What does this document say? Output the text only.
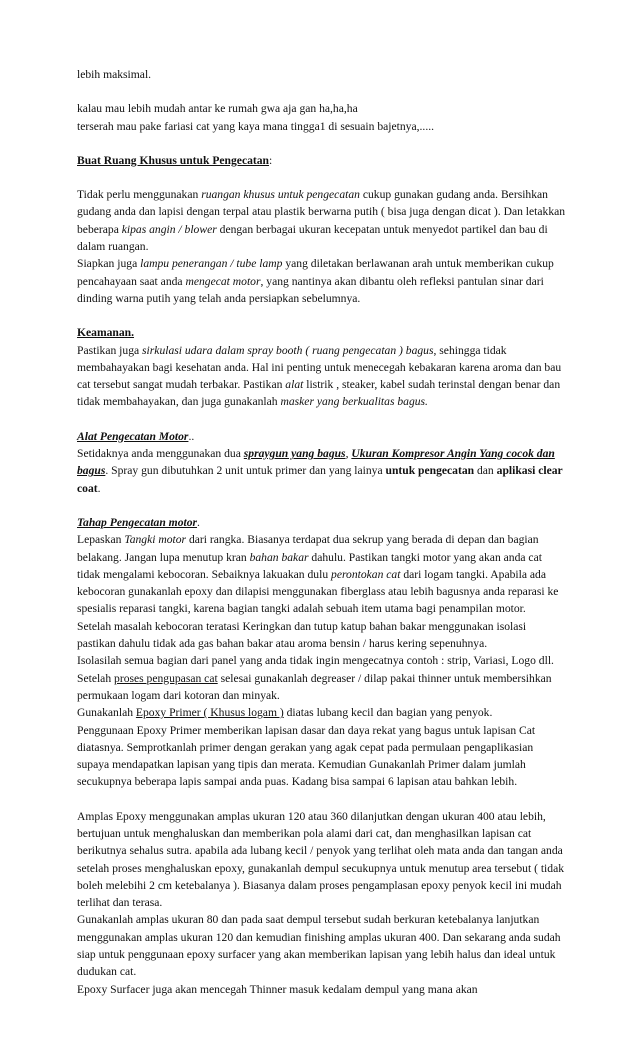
lebih maksimal.

kalau mau lebih mudah antar ke rumah gwa aja gan ha,ha,ha

terserah mau pake fariasi cat yang kaya mana tingga1 di sesuain bajetnya,.....

Buat Ruang Khusus untuk Pengecatan:

Tidak perlu menggunakan ruangan khusus untuk pengecatan cukup gunakan gudang anda. Bersihkan gudang anda dan lapisi dengan terpal atau plastik berwarna putih ( bisa juga dengan dicat ). Dan letakkan beberapa kipas angin / blower dengan berbagai ukuran kecepatan untuk menyedot partikel dan bau di dalam ruangan.

Siapkan juga lampu penerangan / tube lamp yang diletakan berlawanan arah untuk memberikan cukup pencahayaan saat anda mengecat motor, yang nantinya akan dibantu oleh refleksi pantulan sinar dari dinding warna putih yang telah anda persiapkan sebelumnya.

Keamanan.

Pastikan juga sirkulasi udara dalam spray booth ( ruang pengecatan ) bagus, sehingga tidak membahayakan bagi kesehatan anda. Hal ini penting untuk menecegah kebakaran karena aroma dan bau cat tersebut sangat mudah terbakar. Pastikan alat listrik , steaker, kabel sudah terinstal dengan benar dan tidak membahayakan, dan juga gunakanlah masker yang berkualitas bagus.

Alat Pengecatan Motor..

Setidaknya anda menggunakan dua spraygun yang bagus, Ukuran Kompresor Angin Yang cocok dan bagus. Spray gun dibutuhkan 2 unit untuk primer dan yang lainya untuk pengecatan dan aplikasi clear coat.

Tahap Pengecatan motor.

Lepaskan Tangki motor dari rangka. Biasanya terdapat dua sekrup yang berada di depan dan bagian belakang. Jangan lupa menutup kran bahan bakar dahulu. Pastikan tangki motor yang akan anda cat tidak mengalami kebocoran. Sebaiknya lakuakan dulu perontokan cat dari logam tangki. Apabila ada kebocoran gunakanlah epoxy dan dilapisi menggunakan fiberglass atau lebih bagusnya anda reparasi ke spesialis reparasi tangki, karena bagian tangki adalah sebuah item utama bagi penampilan motor.

Setelah masalah kebocoran teratasi Keringkan dan tutup katup bahan bakar menggunakan isolasi pastikan dahulu tidak ada gas bahan bakar atau aroma bensin / harus kering sepenuhnya.

Isolasilah semua bagian dari panel yang anda tidak ingin mengecatnya contoh : strip, Variasi, Logo dll.

Setelah proses pengupasan cat selesai gunakanlah degreaser / dilap pakai thinner untuk membersihkan permukaan logam dari kotoran dan minyak.

Gunakanlah Epoxy Primer ( Khusus logam ) diatas lubang kecil dan bagian yang penyok.

Penggunaan Epoxy Primer memberikan lapisan dasar dan daya rekat yang bagus untuk lapisan Cat diatasnya. Semprotkanlah primer dengan gerakan yang agak cepat pada permulaan pengaplikasian supaya mendapatkan lapisan yang tipis dan merata. Kemudian Gunakanlah Primer dalam jumlah secukupnya beberapa lapis sampai anda puas. Kadang bisa sampai 6 lapisan atau bahkan lebih.

Amplas Epoxy menggunakan amplas ukuran 120 atau 360 dilanjutkan dengan ukuran 400 atau lebih, bertujuan untuk menghaluskan dan memberikan pola alami dari cat, dan menghasilkan lapisan cat berikutnya sehalus sutra. apabila ada lubang kecil / penyok yang terlihat oleh mata anda dan tangan anda setelah proses menghaluskan epoxy, gunakanlah dempul secukupnya untuk menutup area tersebut ( tidak boleh melebihi 2 cm ketebalanya ). Biasanya dalam proses pengamplasan epoxy penyok kecil ini mudah terlihat dan terasa.

Gunakanlah amplas ukuran 80 dan pada saat dempul tersebut sudah berkuran ketebalanya lanjutkan menggunakan amplas ukuran 120 dan kemudian finishing amplas ukuran 400. Dan sekarang anda sudah siap untuk penggunaan epoxy surfacer yang akan memberikan lapisan yang lebih halus dan ideal untuk dudukan cat.

Epoxy Surfacer juga akan mencegah Thinner masuk kedalam dempul yang mana akan
